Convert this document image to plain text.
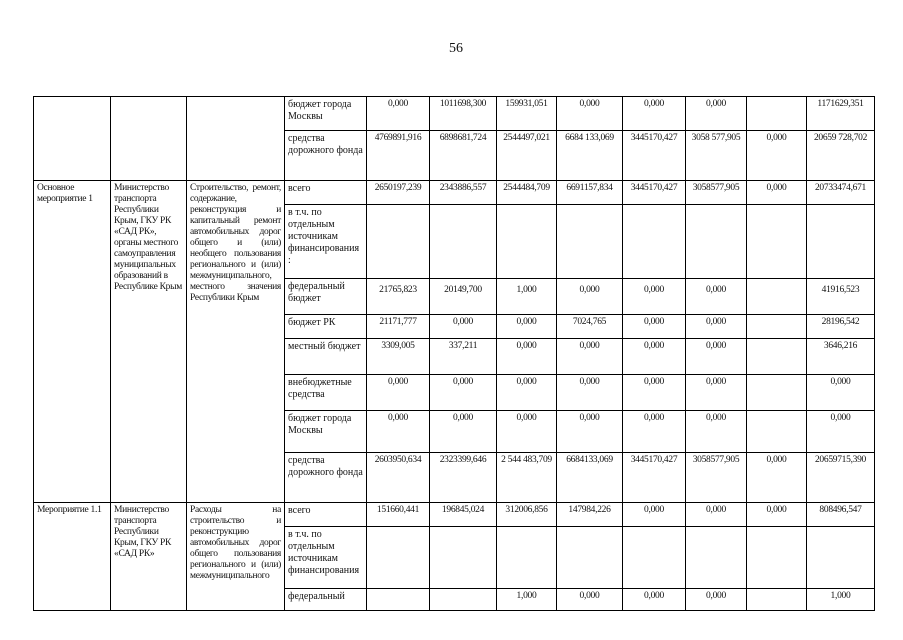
56
			бюджет города Москвы	0,000	1011698,300	159931,051	0,000	0,000	0,000		1171629,351
			средства дорожного фонда	4769891,916	6898681,724	2544497,021	6684 133,069	3445170,427	3058 577,905	0,000	20659 728,702
Основное мероприятие 1	Министерство транспорта Республики Крым, ГКУ РК «САД РК», органы местного самоуправления муниципальных образований в Республике Крым	Строительство, ремонт, содержание, реконструкция и капитальный ремонт автомобильных дорог общего и (или) необщего пользования регионального и (или) межмуниципального, местного значения Республики Крым	всего	2650197,239	2343886,557	2544484,709	6691157,834	3445170,427	3058577,905	0,000	20733474,671
			в т.ч. по отдельным источникам финансирования :								
			федеральный бюджет	21765,823	20149,700	1,000	0,000	0,000	0,000		41916,523
			бюджет РК	21171,777	0,000	0,000	7024,765	0,000	0,000		28196,542
			местный бюджет	3309,005	337,211	0,000	0,000	0,000	0,000		3646,216
			внебюджетные средства	0,000	0,000	0,000	0,000	0,000	0,000		0,000
			бюджет города Москвы	0,000	0,000	0,000	0,000	0,000	0,000		0,000
			средства дорожного фонда	2603950,634	2323399,646	2 544 483,709	6684133,069	3445170,427	3058577,905	0,000	20659715,390
Мероприятие 1.1	Министерство транспорта Республики Крым, ГКУ РК «САД РК»	Расходы на строительство и реконструкцию автомобильных дорог общего пользования регионального и (или) межмуниципального	всего	151660,441	196845,024	312006,856	147984,226	0,000	0,000	0,000	808496,547
			в т.ч. по отдельным источникам финансирования								
			федеральный			1,000	0,000	0,000	0,000		1,000
